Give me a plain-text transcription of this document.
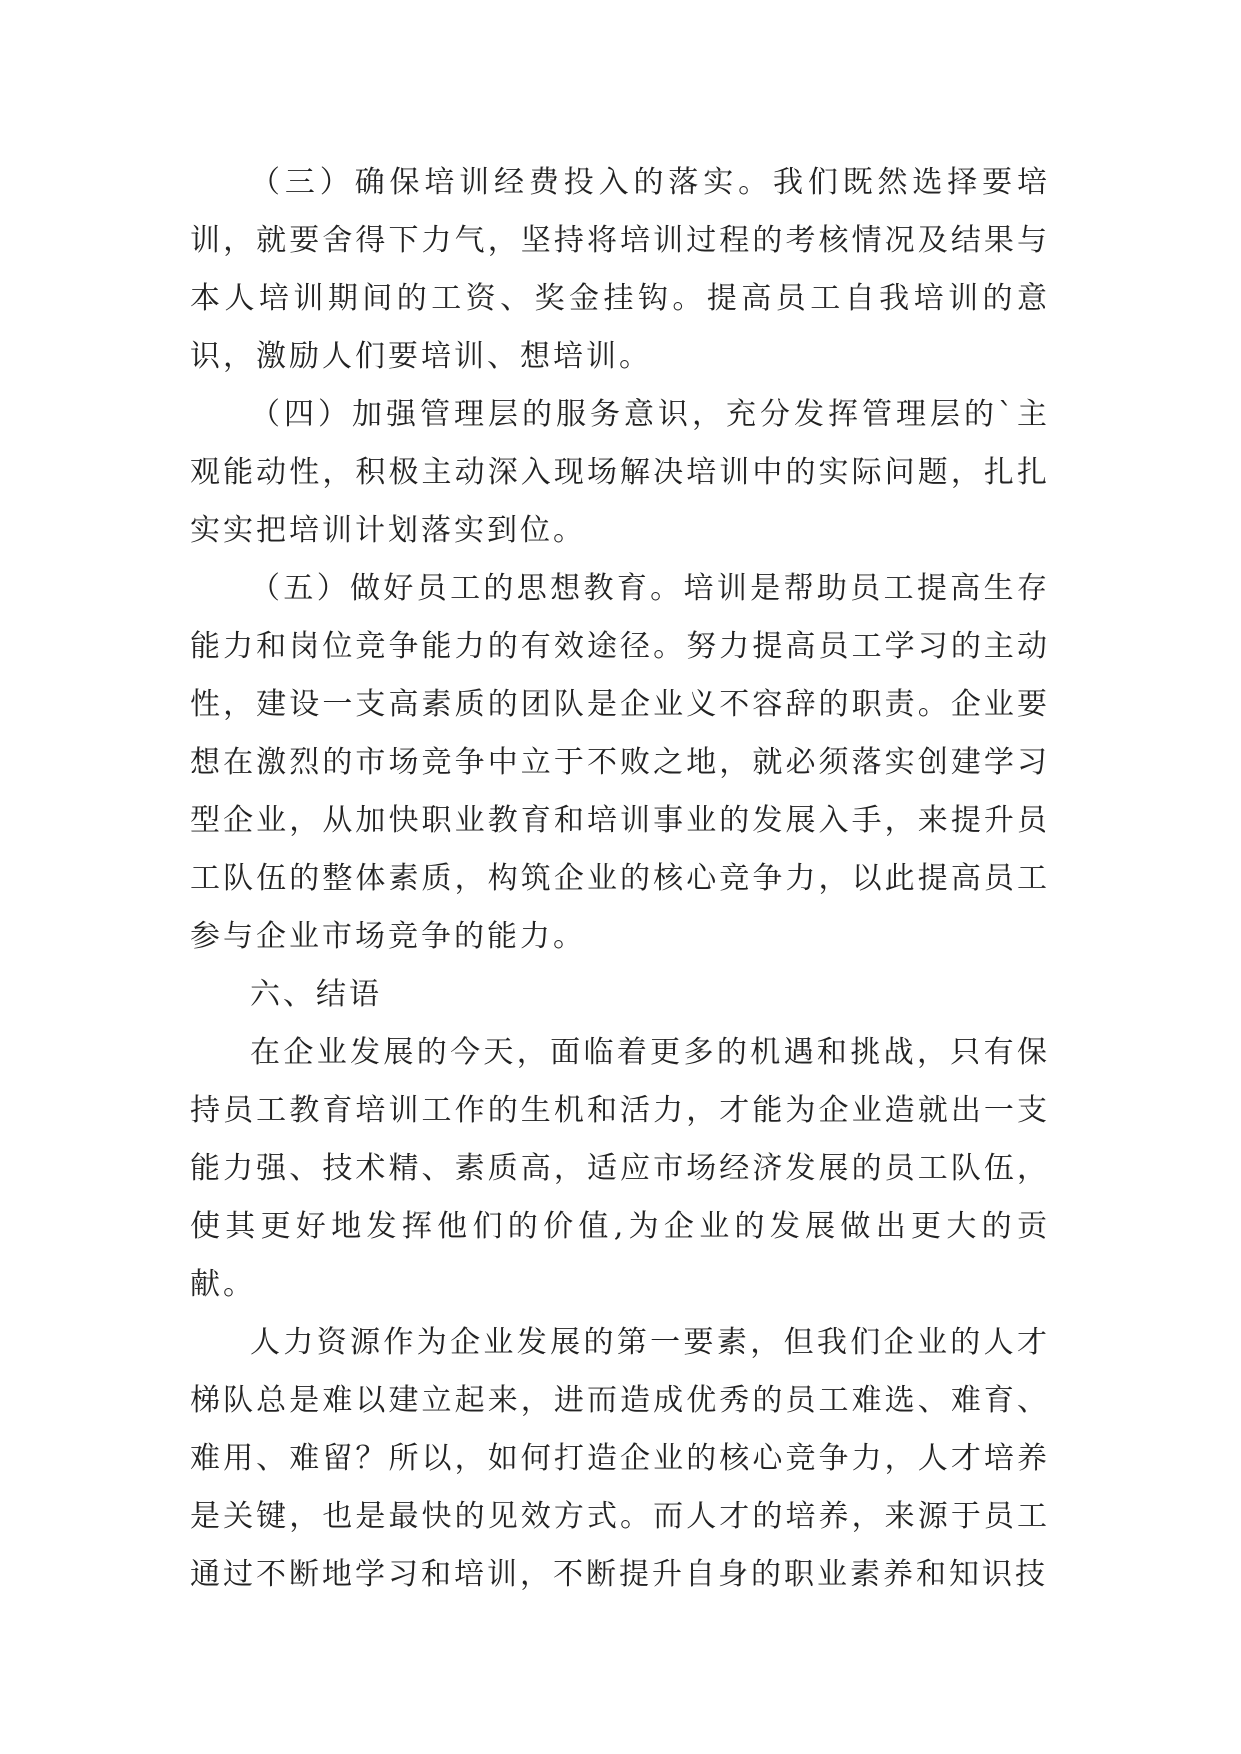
（三）确保培训经费投入的落实。我们既然选择要培训，就要舍得下力气，坚持将培训过程的考核情况及结果与本人培训期间的工资、奖金挂钩。提高员工自我培训的意识，激励人们要培训、想培训。

（四）加强管理层的服务意识，充分发挥管理层的`主观能动性，积极主动深入现场解决培训中的实际问题，扎扎实实把培训计划落实到位。

（五）做好员工的思想教育。培训是帮助员工提高生存能力和岗位竞争能力的有效途径。努力提高员工学习的主动性，建设一支高素质的团队是企业义不容辞的职责。企业要想在激烈的市场竞争中立于不败之地，就必须落实创建学习型企业，从加快职业教育和培训事业的发展入手，来提升员工队伍的整体素质，构筑企业的核心竞争力，以此提高员工参与企业市场竞争的能力。

六、结语

在企业发展的今天，面临着更多的机遇和挑战，只有保持员工教育培训工作的生机和活力，才能为企业造就出一支能力强、技术精、素质高，适应市场经济发展的员工队伍，使其更好地发挥他们的价值,为企业的发展做出更大的贡献。

人力资源作为企业发展的第一要素，但我们企业的人才梯队总是难以建立起来，进而造成优秀的员工难选、难育、难用、难留？所以，如何打造企业的核心竞争力，人才培养是关键，也是最快的见效方式。而人才的培养，来源于员工通过不断地学习和培训，不断提升自身的职业素养和知识技
